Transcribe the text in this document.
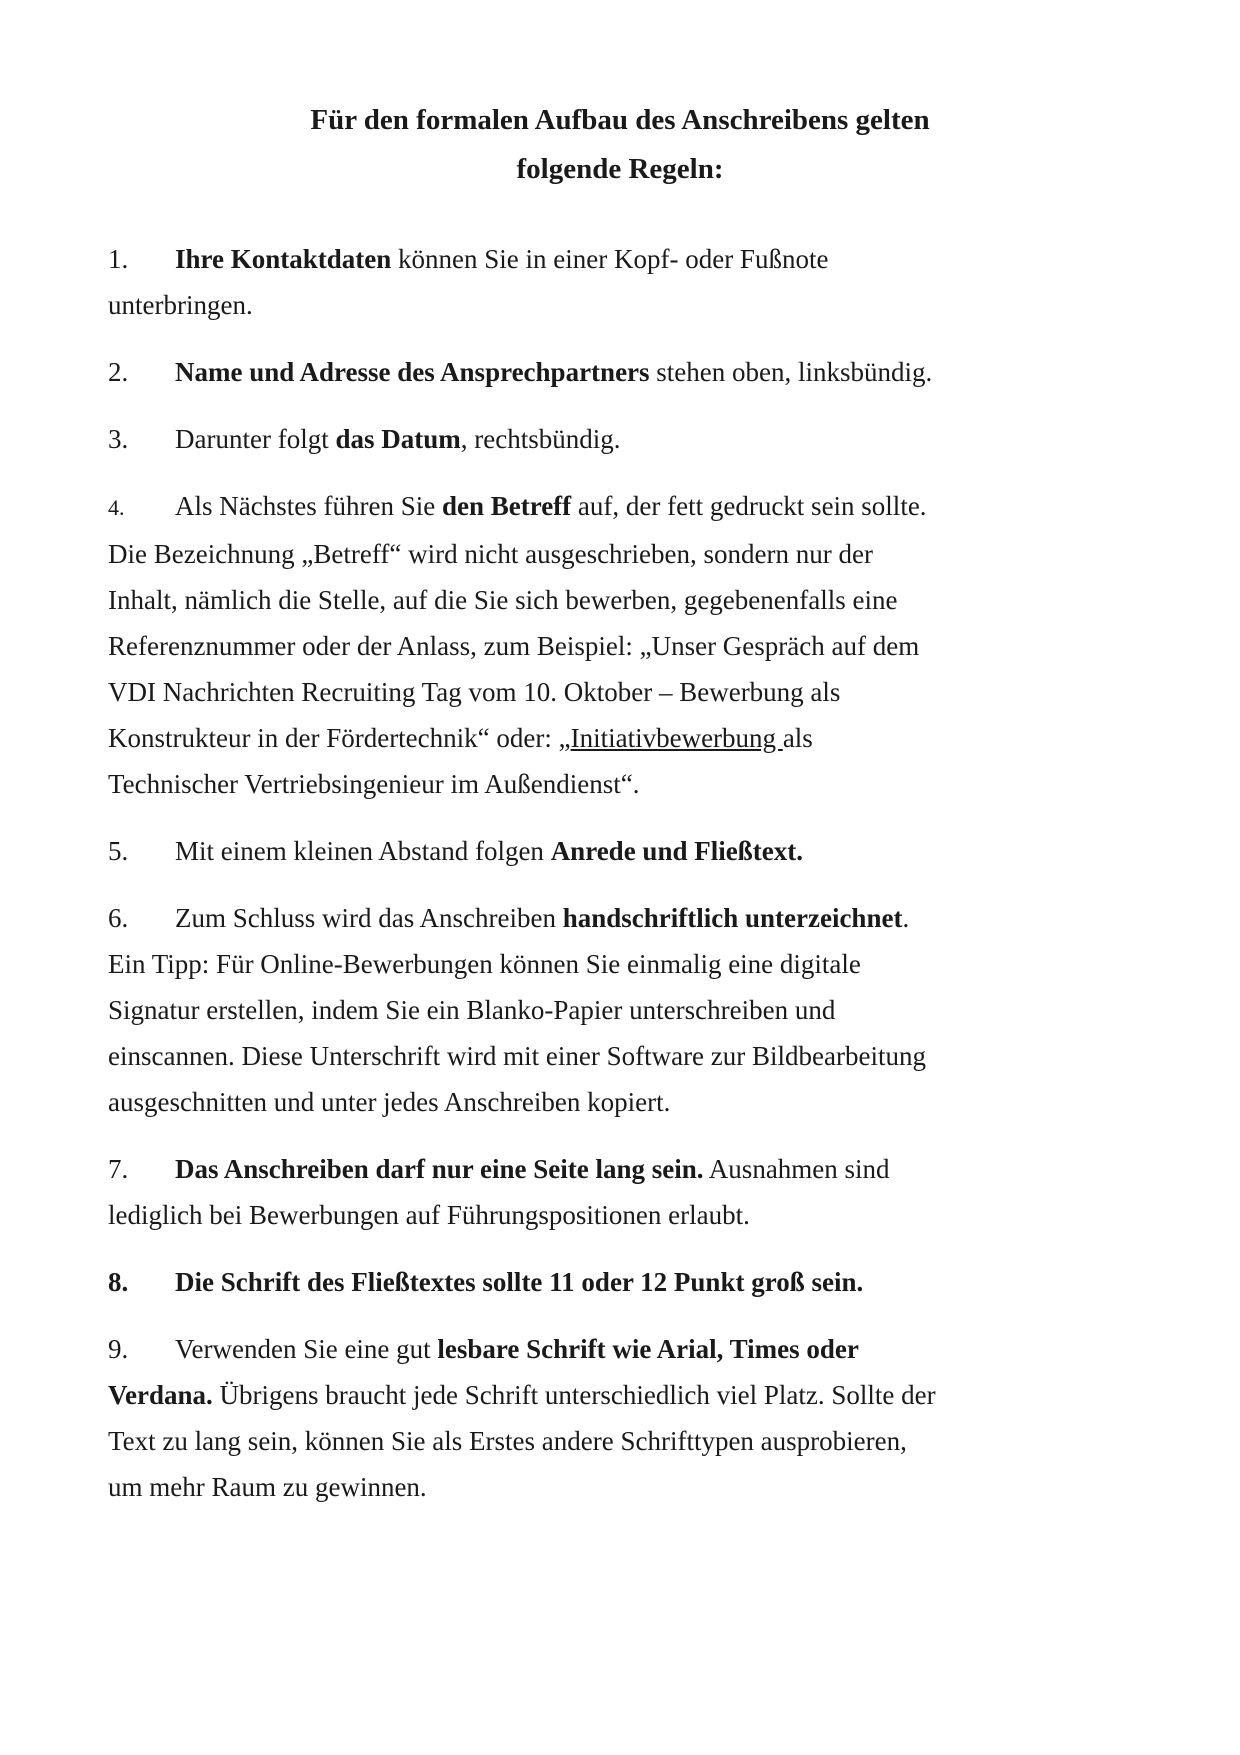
Für den formalen Aufbau des Anschreibens gelten
folgende Regeln:

1. Ihre Kontaktdaten können Sie in einer Kopf- oder Fußnote unterbringen.

2. Name und Adresse des Ansprechpartners stehen oben, linksbündig.

3. Darunter folgt das Datum, rechtsbündig.

4. Als Nächstes führen Sie den Betreff auf, der fett gedruckt sein sollte. Die Bezeichnung „Betreff“ wird nicht ausgeschrieben, sondern nur der Inhalt, nämlich die Stelle, auf die Sie sich bewerben, gegebenenfalls eine Referenznummer oder der Anlass, zum Beispiel: „Unser Gespräch auf dem VDI Nachrichten Recruiting Tag vom 10. Oktober – Bewerbung als Konstrukteur in der Fördertechnik“ oder: „Initiativbewerbung als Technischer Vertriebsingenieur im Außendienst“.

5. Mit einem kleinen Abstand folgen Anrede und Fließtext.

6. Zum Schluss wird das Anschreiben handschriftlich unterzeichnet. Ein Tipp: Für Online-Bewerbungen können Sie einmalig eine digitale Signatur erstellen, indem Sie ein Blanko-Papier unterschreiben und einscannen. Diese Unterschrift wird mit einer Software zur Bildbearbeitung ausgeschnitten und unter jedes Anschreiben kopiert.

7. Das Anschreiben darf nur eine Seite lang sein. Ausnahmen sind lediglich bei Bewerbungen auf Führungspositionen erlaubt.

8. Die Schrift des Fließtextes sollte 11 oder 12 Punkt groß sein.

9. Verwenden Sie eine gut lesbare Schrift wie Arial, Times oder Verdana. Übrigens braucht jede Schrift unterschiedlich viel Platz. Sollte der Text zu lang sein, können Sie als Erstes andere Schrifttypen ausprobieren, um mehr Raum zu gewinnen.
